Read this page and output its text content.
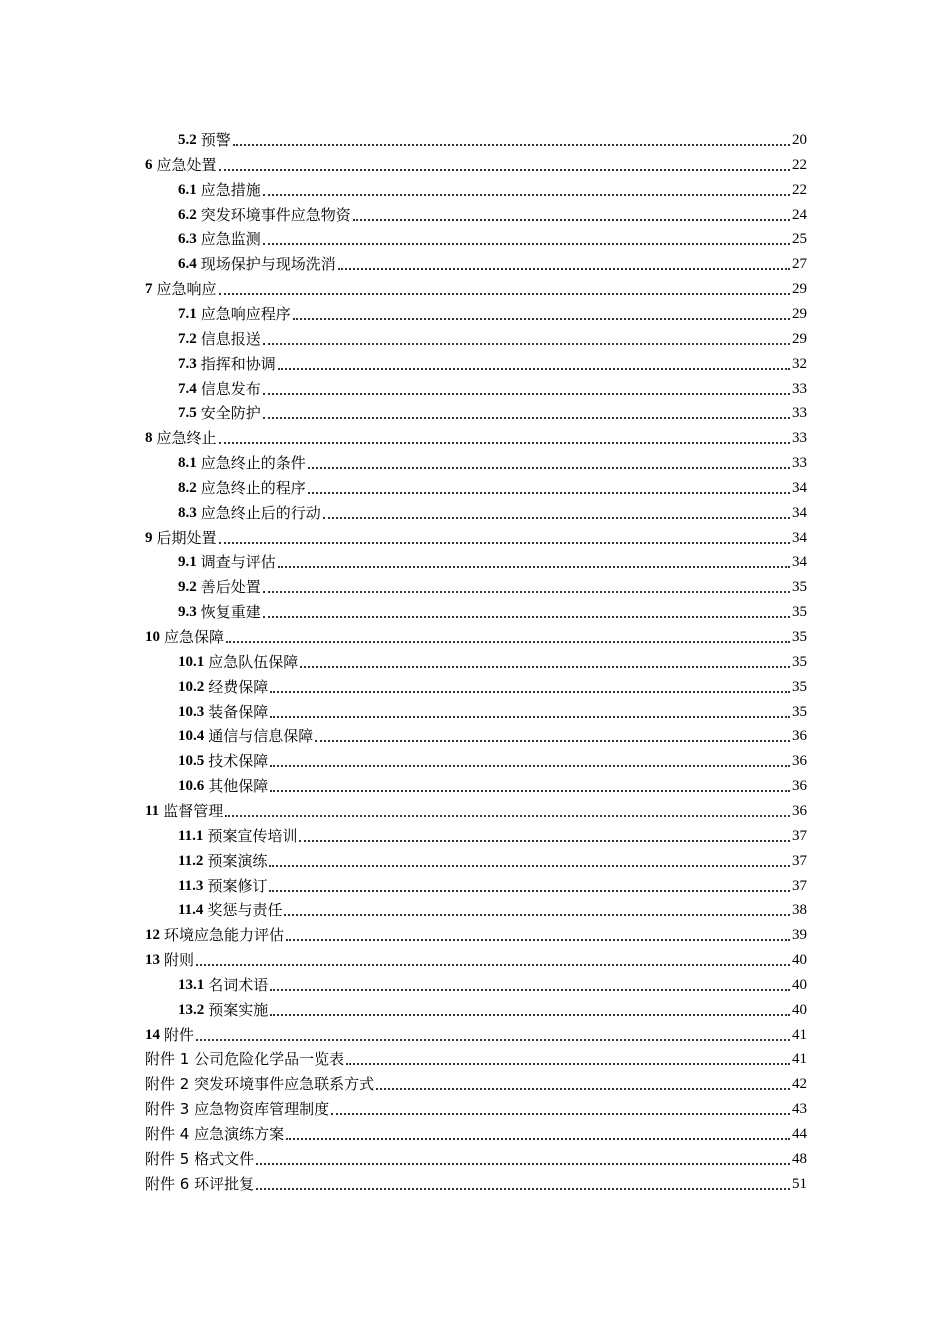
5.2 预警	20
6 应急处置	22
6.1 应急措施	22
6.2 突发环境事件应急物资	24
6.3 应急监测	25
6.4 现场保护与现场洗消	27
7 应急响应	29
7.1 应急响应程序	29
7.2 信息报送	29
7.3 指挥和协调	32
7.4 信息发布	33
7.5 安全防护	33
8 应急终止	33
8.1 应急终止的条件	33
8.2 应急终止的程序	34
8.3 应急终止后的行动	34
9 后期处置	34
9.1 调查与评估	34
9.2 善后处置	35
9.3 恢复重建	35
10 应急保障	35
10.1 应急队伍保障	35
10.2 经费保障	35
10.3 装备保障	35
10.4 通信与信息保障	36
10.5 技术保障	36
10.6 其他保障	36
11 监督管理	36
11.1 预案宣传培训	37
11.2 预案演练	37
11.3 预案修订	37
11.4 奖惩与责任	38
12 环境应急能力评估	39
13 附则	40
13.1 名词术语	40
13.2 预案实施	40
14 附件	41
附件 1 公司危险化学品一览表	41
附件 2 突发环境事件应急联系方式	42
附件 3 应急物资库管理制度	43
附件 4 应急演练方案	44
附件 5 格式文件	48
附件 6 环评批复	51
